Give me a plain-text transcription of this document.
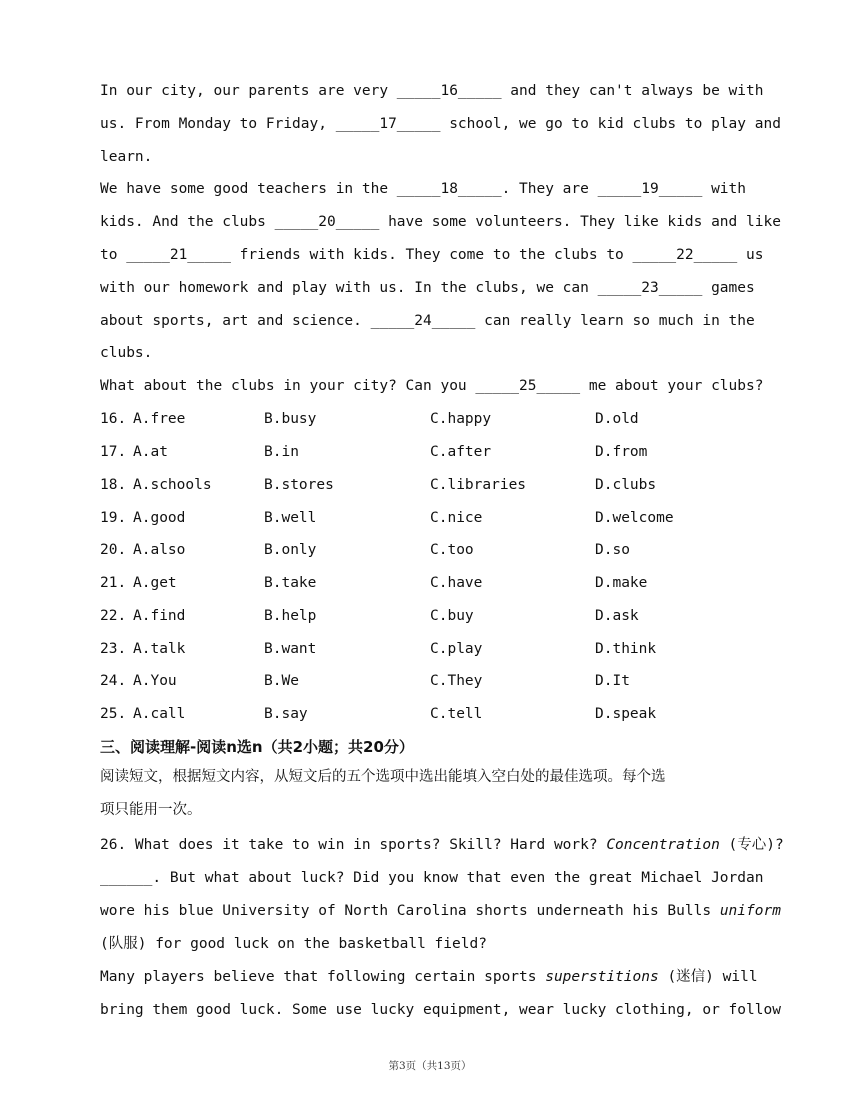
In our city, our parents are very _____16_____ and they can't always be with
us. From Monday to Friday, _____17_____ school, we go to kid clubs to play and
learn.
We have some good teachers in the _____18_____. They are _____19_____ with
kids. And the clubs _____20_____ have some volunteers. They like kids and like
to _____21_____ friends with kids. They come to the clubs to _____22_____ us
with our homework and play with us. In the clubs, we can _____23_____ games
about sports, art and science. _____24_____ can really learn so much in the
clubs.
What about the clubs in your city? Can you _____25_____ me about your clubs?
16. A.free	B.busy	C.happy	D.old
17. A.at	B.in	C.after	D.from
18. A.schools	B.stores	C.libraries	D.clubs
19. A.good	B.well	C.nice	D.welcome
20. A.also	B.only	C.too	D.so
21. A.get	B.take	C.have	D.make
22. A.find	B.help	C.buy	D.ask
23. A.talk	B.want	C.play	D.think
24. A.You	B.We	C.They	D.It
25. A.call	B.say	C.tell	D.speak
三、阅读理解-阅读n选n（共2小题；共20分）
阅读短文，根据短文内容，从短文后的五个选项中选出能填入空白处的最佳选项。每个选
项只能用一次。
26. What does it take to win in sports? Skill? Hard work? Concentration (专心)?
______. But what about luck? Did you know that even the great Michael Jordan
wore his blue University of North Carolina shorts underneath his Bulls uniform
(队服) for good luck on the basketball field?
Many players believe that following certain sports superstitions (迷信) will
bring them good luck. Some use lucky equipment, wear lucky clothing, or follow
第3页（共13页）
